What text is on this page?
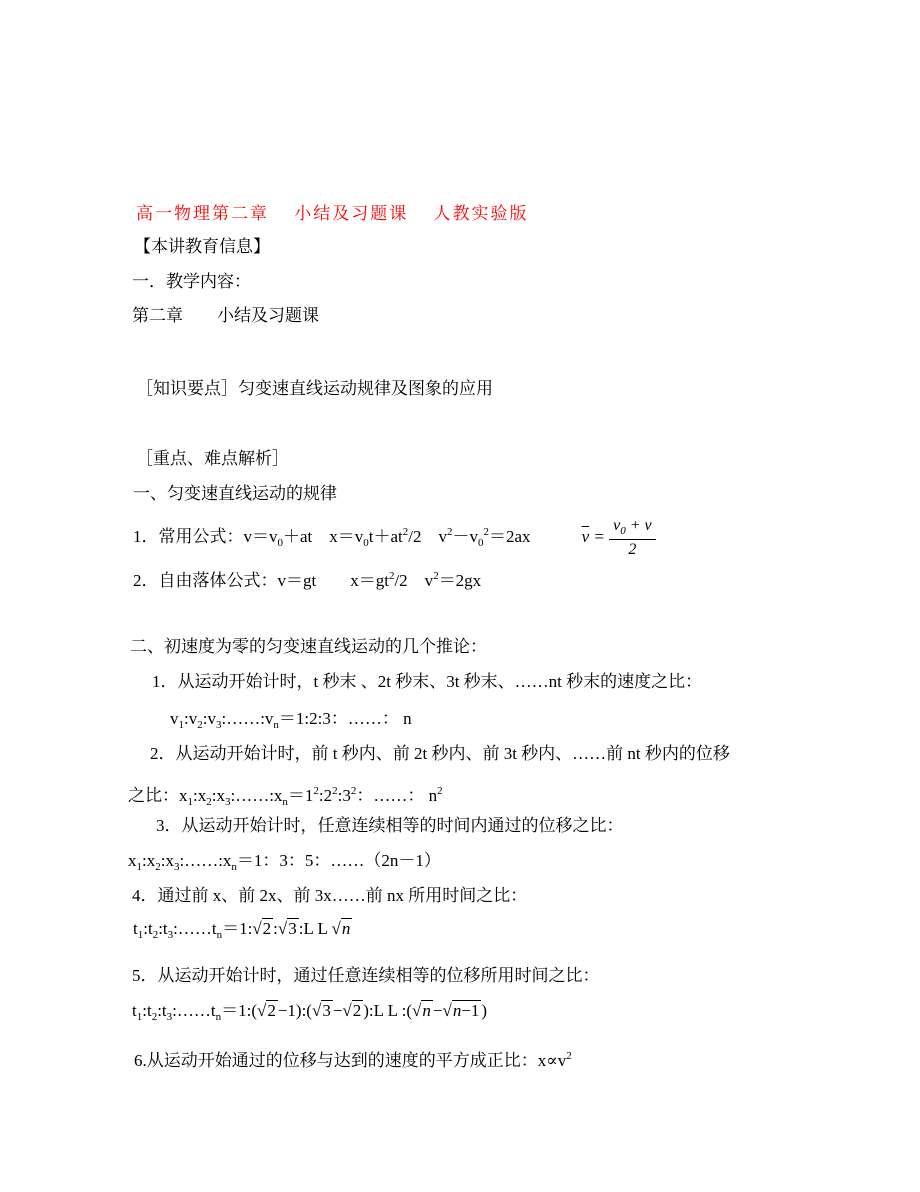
高一物理第二章　 小结及习题课　 人教实验版
【本讲教育信息】
一．教学内容：
第二章　　小结及习题课
［知识要点］匀变速直线运动规律及图象的应用
［重点、难点解析］
一、匀变速直线运动的规律
1．常用公式：$v=v_0+at$　$x=v_0t+at^2/2$　$v^2-v_0^2=2ax$　　　$\overline{v} = \frac{v_0 + v}{2}$
2．自由落体公式：v＝gt　　$x=gt^2/2$　$v^2=2gx$
二、初速度为零的匀变速直线运动的几个推论：
1．从运动开始计时，t 秒末 、2t 秒末、3t 秒末、……nt 秒末的速度之比：
$v_1:v_2:v_3:\dots\dots:v_n=1:2:3$：……： n
2．从运动开始计时，前 t 秒内、前 2t 秒内、前 3t 秒内、……前 nt 秒内的位移
之比：$x_1:x_2:x_3:\dots\dots:x_n=1^2:2^2:3^2$：……： $n^2$
3．从运动开始计时，任意连续相等的时间内通过的位移之比：
$x_1:x_2:x_3:\dots\dots:x_n=1$：3：5：……（2n－1）
4．通过前 x、前 2x、前 3x……前 nx 所用时间之比：
$t_1:t_2:t_3:\dots\dots t_n=1:√2$ :√3 :L L √n
5．从运动开始计时，通过任意连续相等的位移所用时间之比：
$t_1:t_2:t_3:\dots\dots t_n=1:(√2$ −1):(√3 −√2 ):L L :(√n −√n−1 )
6.从运动开始通过的位移与达到的速度的平方成正比：$x\propto v^2$
